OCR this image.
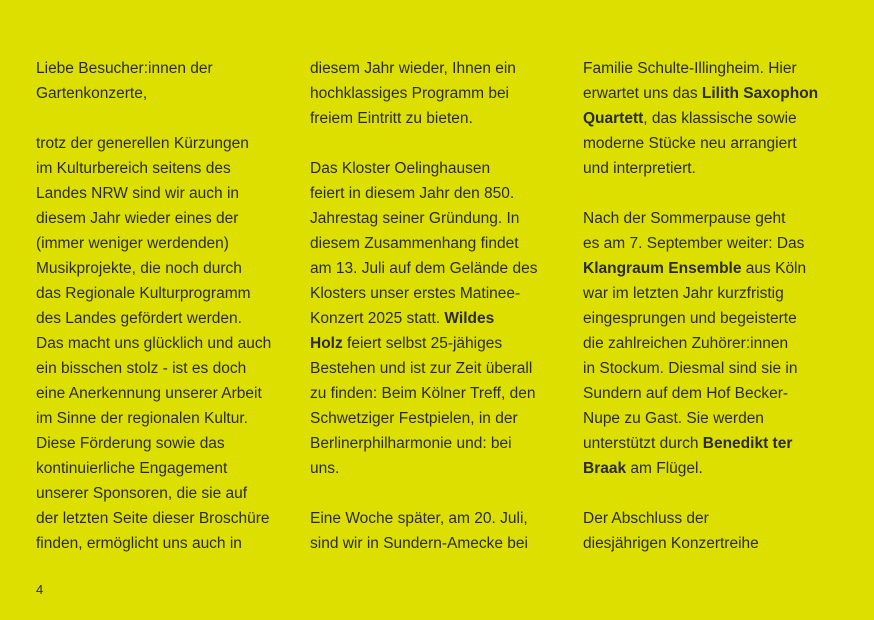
Liebe Besucher:innen der
Gartenkonzerte,
trotz der generellen Kürzungen
im Kulturbereich seitens des
Landes NRW sind wir auch in
diesem Jahr wieder eines der
(immer weniger werdenden)
Musikprojekte, die noch durch
das Regionale Kulturprogramm
des Landes gefördert werden.
Das macht uns glücklich und auch
ein bisschen stolz - ist es doch
eine Anerkennung unserer Arbeit
im Sinne der regionalen Kultur.
Diese Förderung sowie das
kontinuierliche Engagement
unserer Sponsoren, die sie auf
der letzten Seite dieser Broschüre
finden, ermöglicht uns auch in
diesem Jahr wieder, Ihnen ein
hochklassiges Programm bei
freiem Eintritt zu bieten.
Das Kloster Oelinghausen
feiert in diesem Jahr den 850.
Jahrestag seiner Gründung. In
diesem Zusammenhang findet
am 13. Juli auf dem Gelände des
Klosters unser erstes Matinee-
Konzert 2025 statt. Wildes
Holz feiert selbst 25-jähiges
Bestehen und ist zur Zeit überall
zu finden: Beim Kölner Treff, den
Schwetziger Festpielen, in der
Berlinerphilharmonie und: bei
uns.
Eine Woche später, am 20. Juli,
sind wir in Sundern-Amecke bei
Familie Schulte-Illingheim. Hier
erwartet uns das Lilith Saxophon
Quartett, das klassische sowie
moderne Stücke neu arrangiert
und interpretiert.
Nach der Sommerpause geht
es am 7. September weiter: Das
Klangraum Ensemble aus Köln
war im letzten Jahr kurzfristig
eingesprungen und begeisterte
die zahlreichen Zuhörer:innen
in Stockum. Diesmal sind sie in
Sundern auf dem Hof Becker-
Nupe zu Gast. Sie werden
unterstützt durch Benedikt ter
Braak am Flügel.
Der Abschluss der
diesjährigen Konzertreihe
4
